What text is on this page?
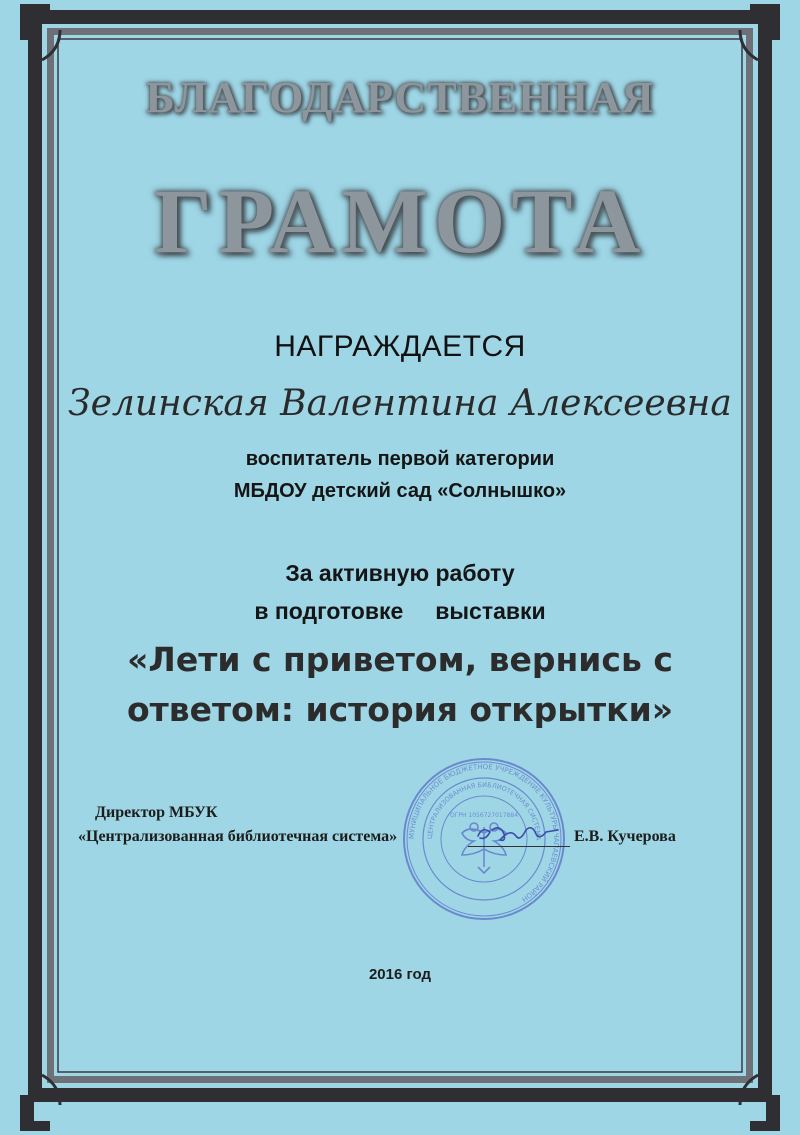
БЛАГОДАРСТВЕННАЯ
ГРАМОТА
НАГРАЖДАЕТСЯ
Зелинская Валентина Алексеевна
воспитатель первой категории
МБДОУ детский сад «Солнышко»
За активную работу
в подготовке     выставки
«Лети с приветом, вернись с
ответом: история открытки»
МУНИЦИПАЛЬНОЕ БЮДЖЕТНОЕ УЧРЕЖДЕНИЕ КУЛЬТУРЫ ЧАПАЕВСКИЙ РАЙОН
ЦЕНТРАЛИЗОВАННАЯ БИБЛИОТЕЧНАЯ СИСТЕМА
ОГРН 1056727017884
Директор МБУК
«Централизованная библиотечная система»	Е.В. Кучерова
2016 год
